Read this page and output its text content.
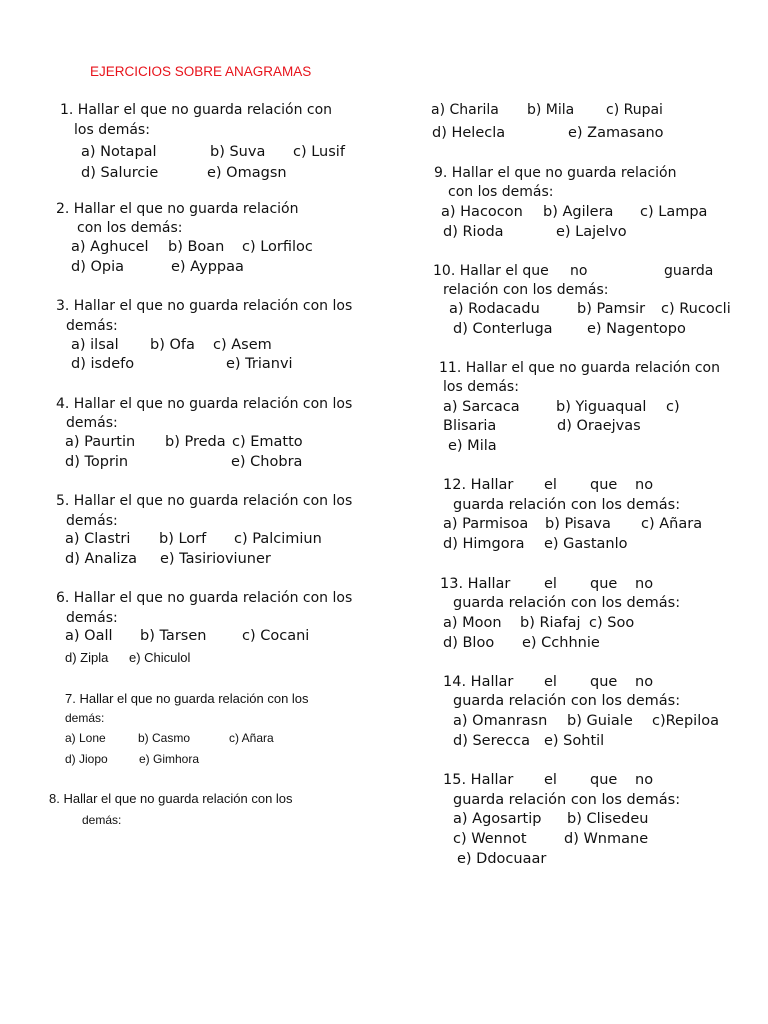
EJERCICIOS SOBRE ANAGRAMAS
1. Hallar el que no guarda relación con
los demás:
a) Notapal	b) Suva c) Lusif
d) Salurcie	e) Omagsn
2. Hallar el que no guarda relación
con los demás:
a) Aghucel b) Boan c) Lorfiloc
d) Opia	e) Ayppaa
3. Hallar el que no guarda relación con los
demás:
a) ilsal b) Ofa c) Asem
d) isdefo	e) Trianvi
4. Hallar el que no guarda relación con los
demás:
a) Paurtin b) Preda c) Ematto
d) Toprin	e) Chobra
5. Hallar el que no guarda relación con los
demás:
a) Clastri b) Lorf c) Palcimiun
d) Analiza e) Tasirioviuner
6. Hallar el que no guarda relación con los
demás:
a) Oall b) Tarsen c) Cocani
d) Zipla e) Chiculol
7. Hallar el que no guarda relación con los
demás:
a) Lone	b) Casmo	c) Añara
d) Jiopo	e) Gimhora
8. Hallar el que no guarda relación con los
demás:
a) Charila b) Mila c) Rupai
d) Helecla	e) Zamasano
9. Hallar el que no guarda relación
con los demás:
a) Hacocon b) Agilera c) Lampa
d) Rioda	e) Lajelvo
10. Hallar el que no	guarda
relación con los demás:
a) Rodacadu	b) Pamsir c) Rucocli
d) Conterluga e) Nagentopo
11. Hallar el que no guarda relación con
los demás:
a) Sarcaca	b) Yiguaqual c)
Blisaria	d) Oraejvas
e) Mila
12. Hallar el que no
guarda relación con los demás:
a) Parmisoa b) Pisava c) Añara
d) Himgora e) Gastanlo
13. Hallar el que no
guarda relación con los demás:
a) Moon b) Riafaj c) Soo
d) Bloo e) Cchhnie
14. Hallar el que no
guarda relación con los demás:
a) Omanrasn b) Guiale c)Repiloa
d) Serecca e) Sohtil
15. Hallar el que no
guarda relación con los demás:
a) Agosartip b) Clisedeu
c) Wennot	d) Wnmane
e) Ddocuaar
